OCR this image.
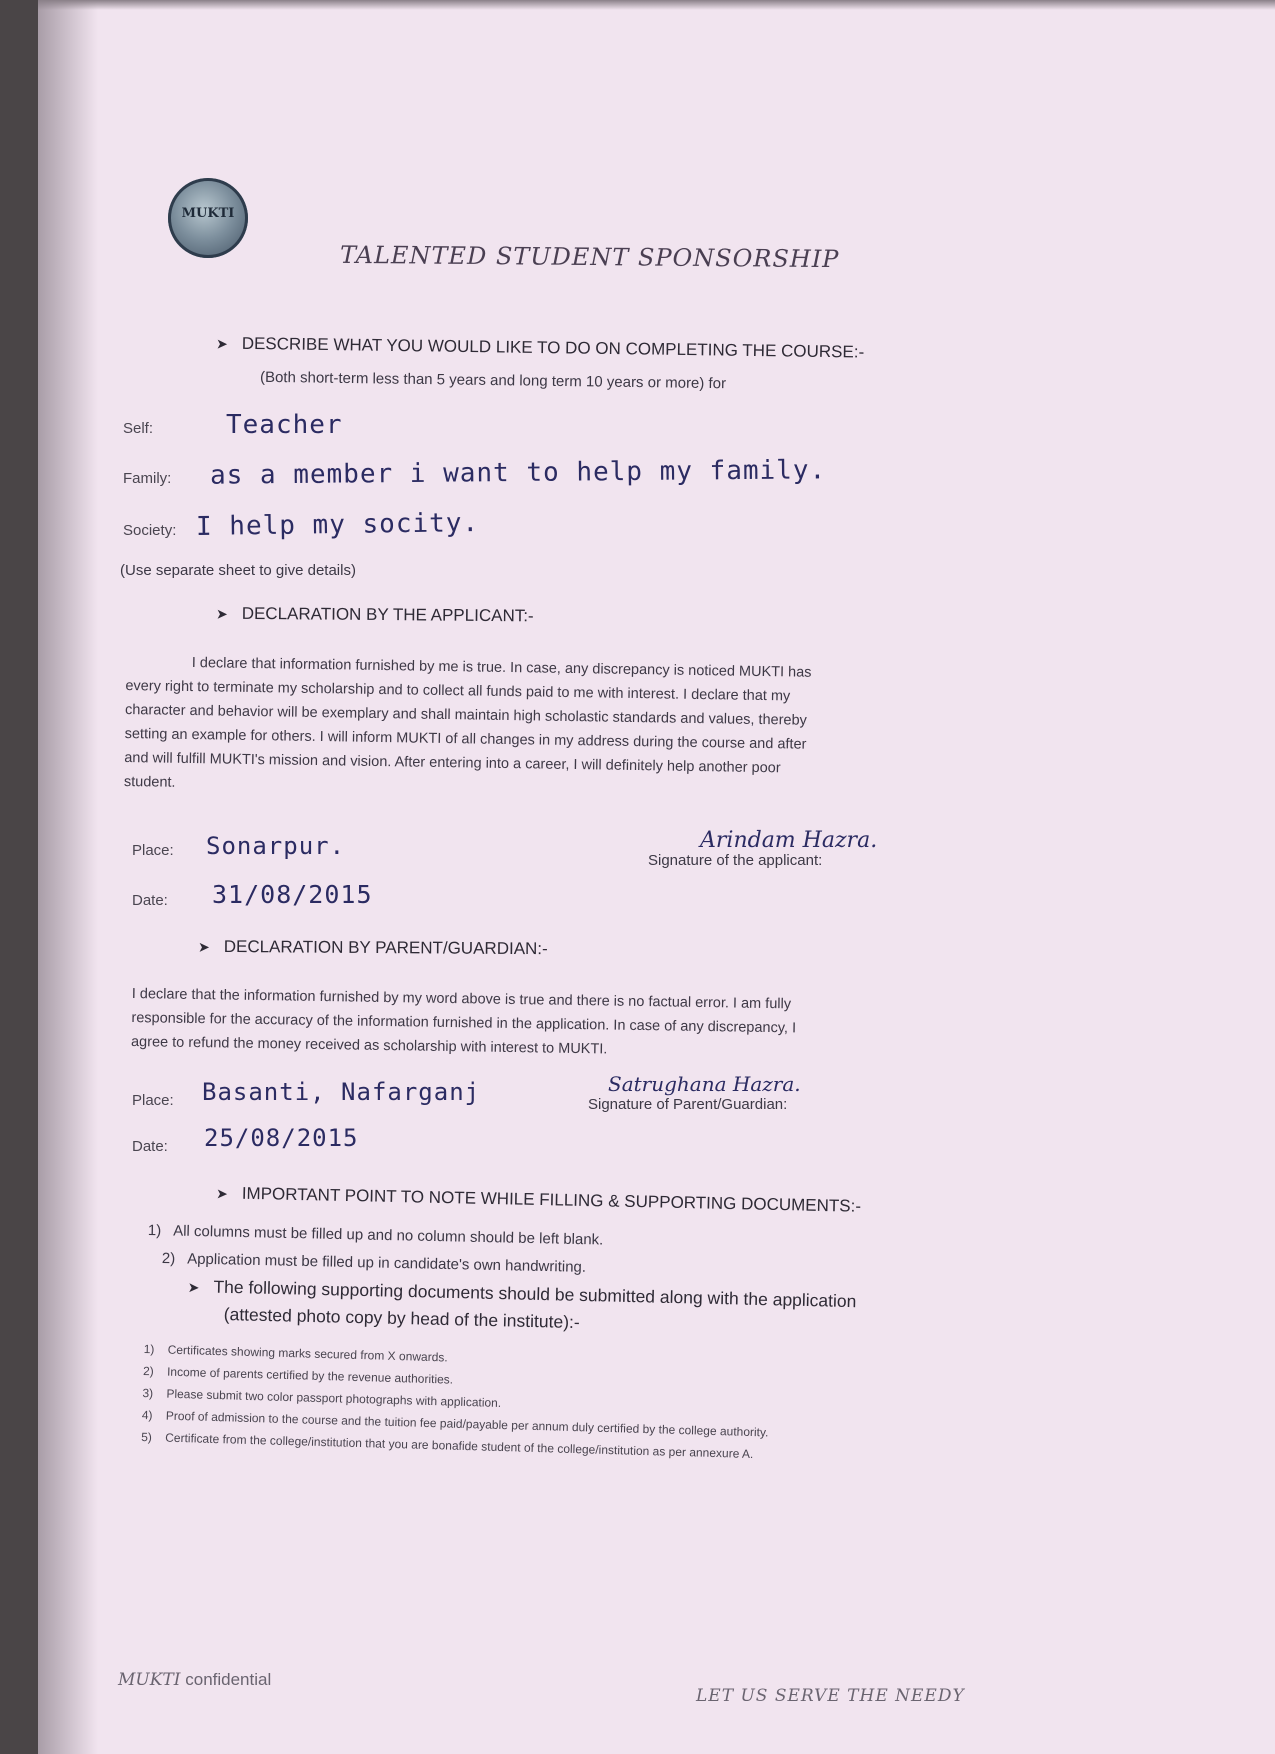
MUKTI
TALENTED STUDENT SPONSORSHIP
➤ DESCRIBE WHAT YOU WOULD LIKE TO DO ON COMPLETING THE COURSE:-
(Both short-term less than 5 years and long term 10 years or more) for
Self:	Teacher
Family: as a member i want to help my family.
Society: I help my socity.
(Use separate sheet to give details)
➤ DECLARATION BY THE APPLICANT:-
I declare that information furnished by me is true. In case, any discrepancy is noticed MUKTI has
every right to terminate my scholarship and to collect all funds paid to me with interest. I declare that my
character and behavior will be exemplary and shall maintain high scholastic standards and values, thereby
setting an example for others. I will inform MUKTI of all changes in my address during the course and after
and will fulfill MUKTI's mission and vision. After entering into a career, I will definitely help another poor
student.
Place: Sonarpur.	Arindam Hazra.
Signature of the applicant:
Date: 31/08/2015
➤ DECLARATION BY PARENT/GUARDIAN:-
I declare that the information furnished by my word above is true and there is no factual error. I am fully
responsible for the accuracy of the information furnished in the application. In case of any discrepancy, I
agree to refund the money received as scholarship with interest to MUKTI.
Place: Basanti, Nafarganj	Satrughana Hazra.
Signature of Parent/Guardian:
Date: 25/08/2015
➤ IMPORTANT POINT TO NOTE WHILE FILLING & SUPPORTING DOCUMENTS:-
1) All columns must be filled up and no column should be left blank.
2) Application must be filled up in candidate's own handwriting.
➤ The following supporting documents should be submitted along with the application
(attested photo copy by head of the institute):-
1) Certificates showing marks secured from X onwards.
2) Income of parents certified by the revenue authorities.
3) Please submit two color passport photographs with application.
4) Proof of admission to the course and the tuition fee paid/payable per annum duly certified by the college authority.
5) Certificate from the college/institution that you are bonafide student of the college/institution as per annexure A.
MUKTI confidential
LET US SERVE THE NEEDY
